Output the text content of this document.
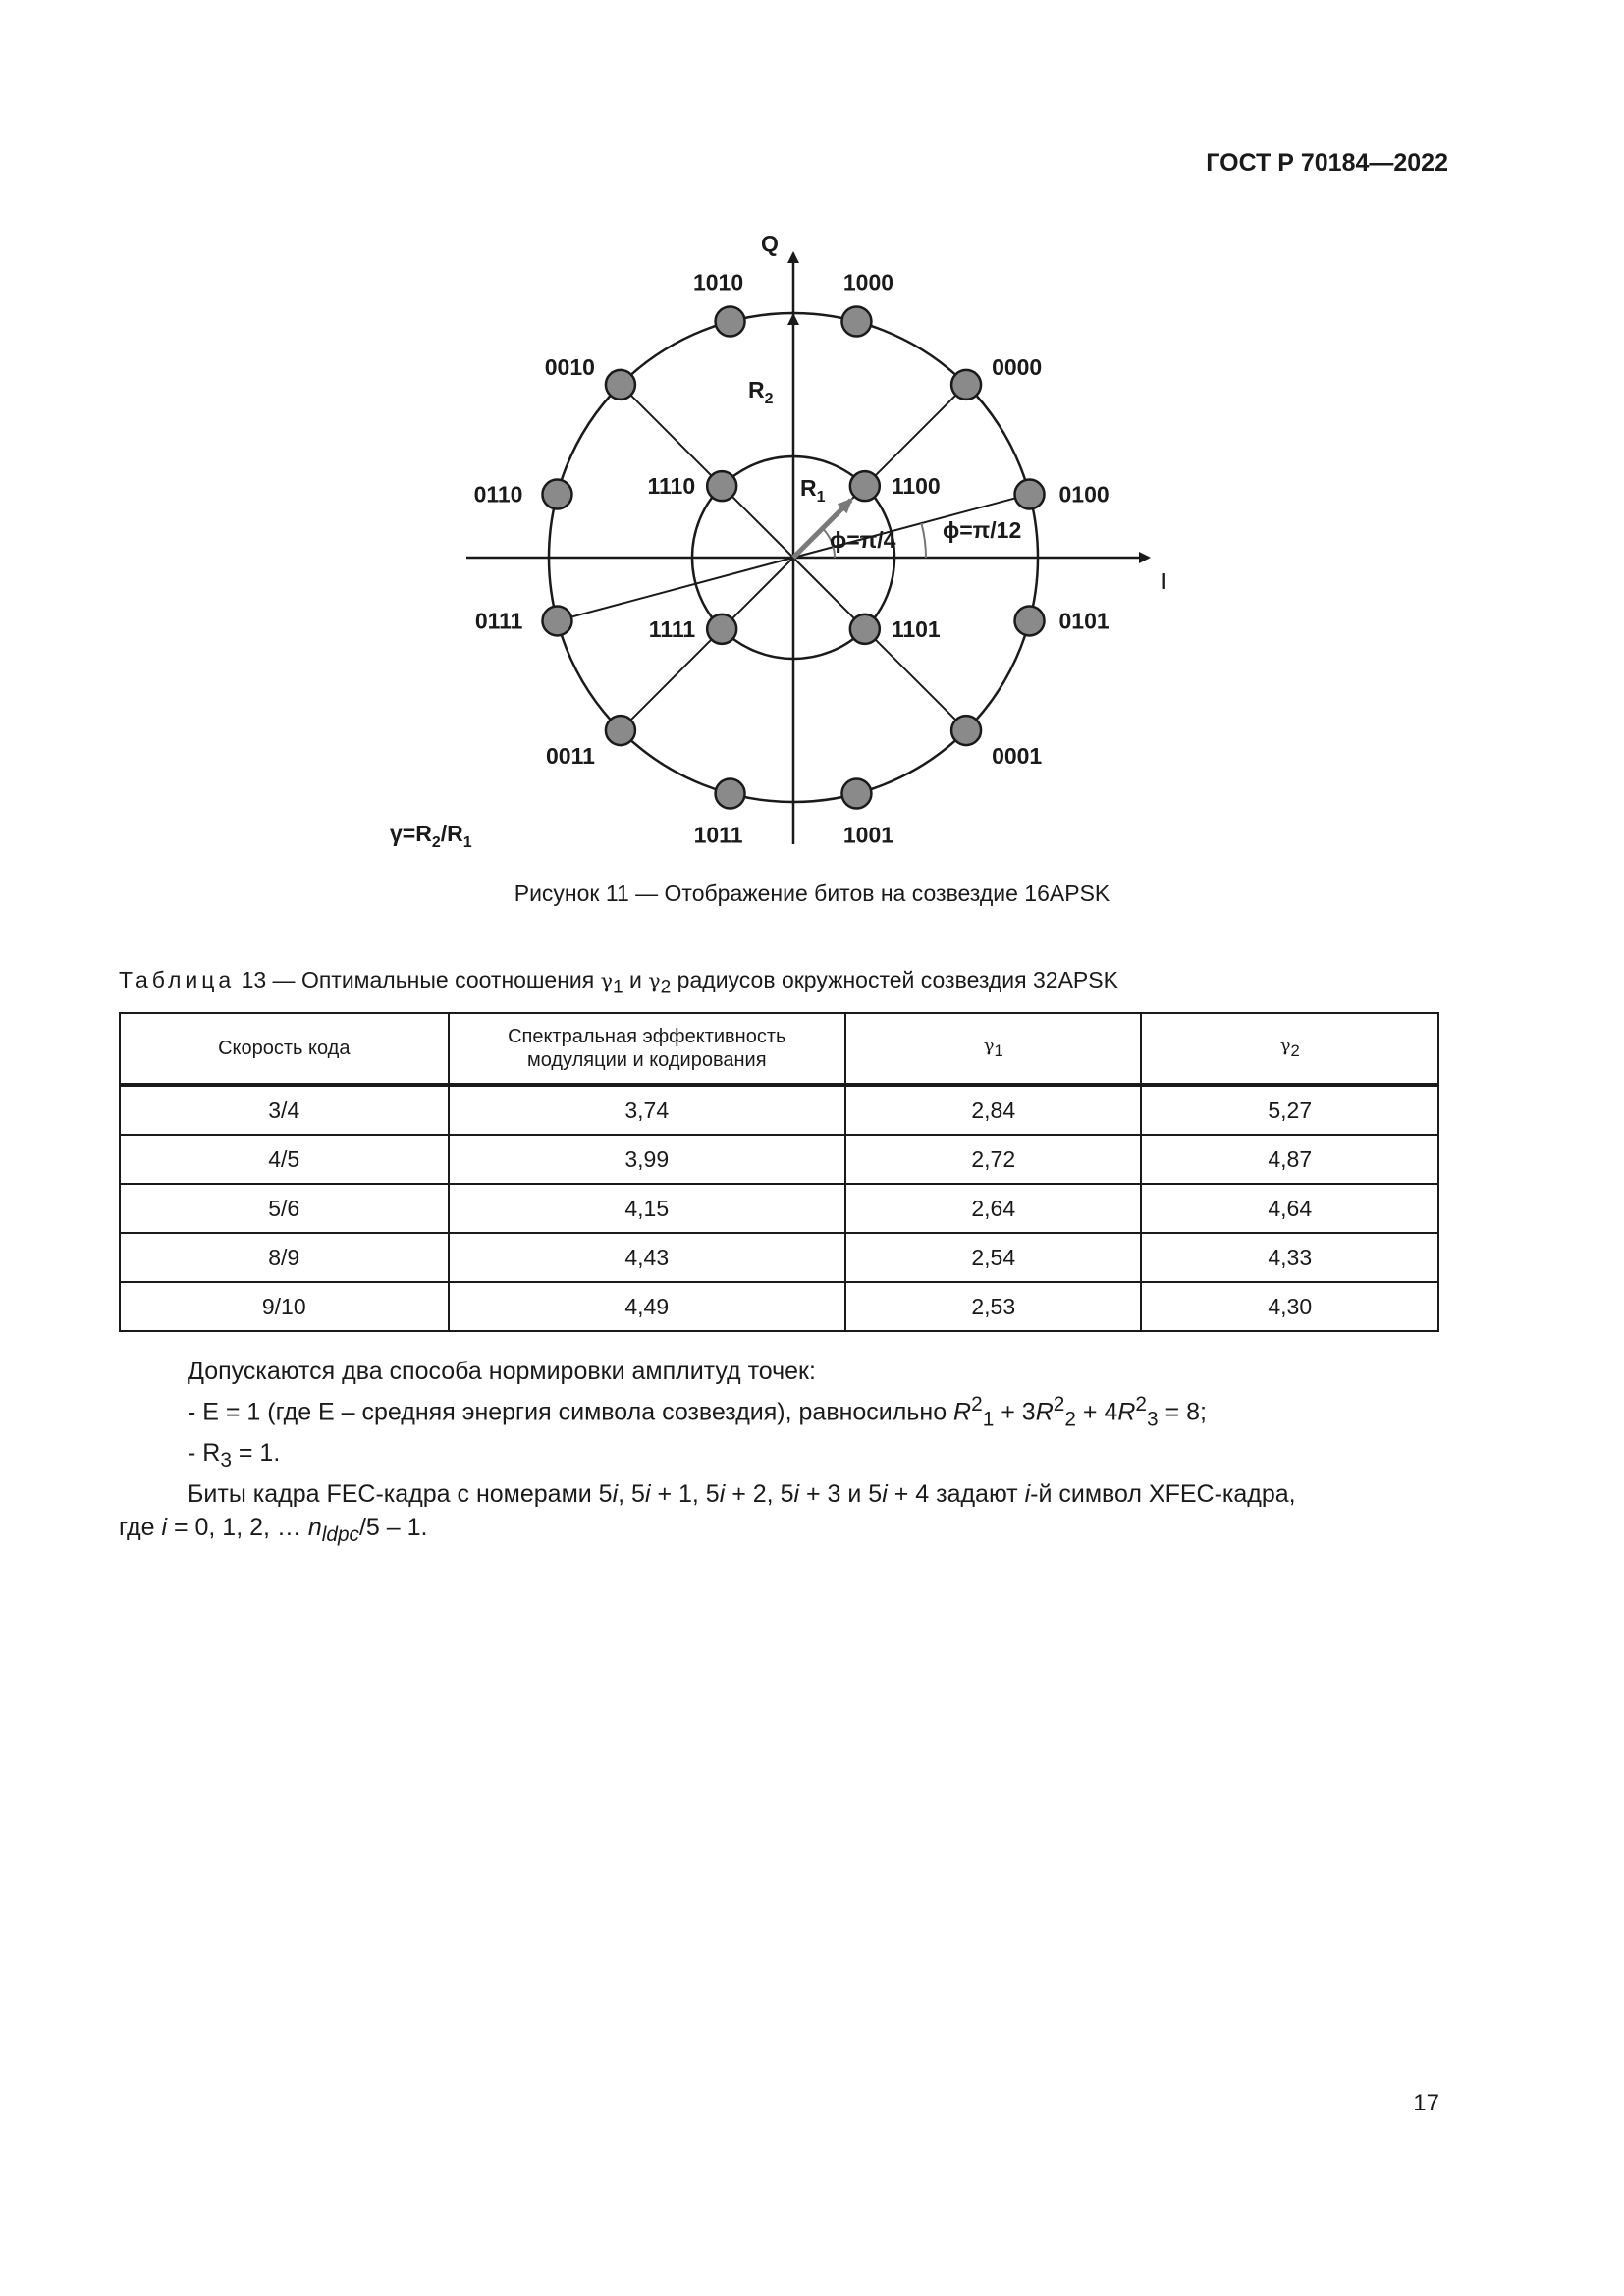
ГОСТ Р 70184—2022
1010	1000
0000
0100
0101
0001
1001
1011
0011
0111
0110
0010
1100
1110
1111	1101
Q
I
$R_2$
$R_1$
ϕ=π/4 ϕ=π/12
$\gamma=R_2/R_1$
Рисунок 11 — Отображение битов на созвездие 16APSK
Таблица 13 — Оптимальные соотношения $\gamma_1$ и $\gamma_2$ радиусов окружностей созвездия 32APSK
Скорость кода	Спектральная эффективность
модуляции и кодирования	$\gamma_1$	$\gamma_2$
3/4	3,74	2,84	5,27
4/5	3,99	2,72	4,87
5/6	4,15	2,64	4,64
8/9	4,43	2,54	4,33
9/10	4,49	2,53	4,30

Допускаются два способа нормировки амплитуд точек:

- E = 1 (где E – средняя энергия символа созвездия), равносильно $R^2_1 + 3R^2_2 + 4R^2_3 = 8$;

- $R_3 = 1$.

Биты кадра FEC-кадра с номерами 5i, 5i + 1, 5i + 2, 5i + 3 и 5i + 4 задают i-й символ XFEC-кадра,

где i = 0, 1, 2, … $n_{ldpc}/5 - 1$.

17
